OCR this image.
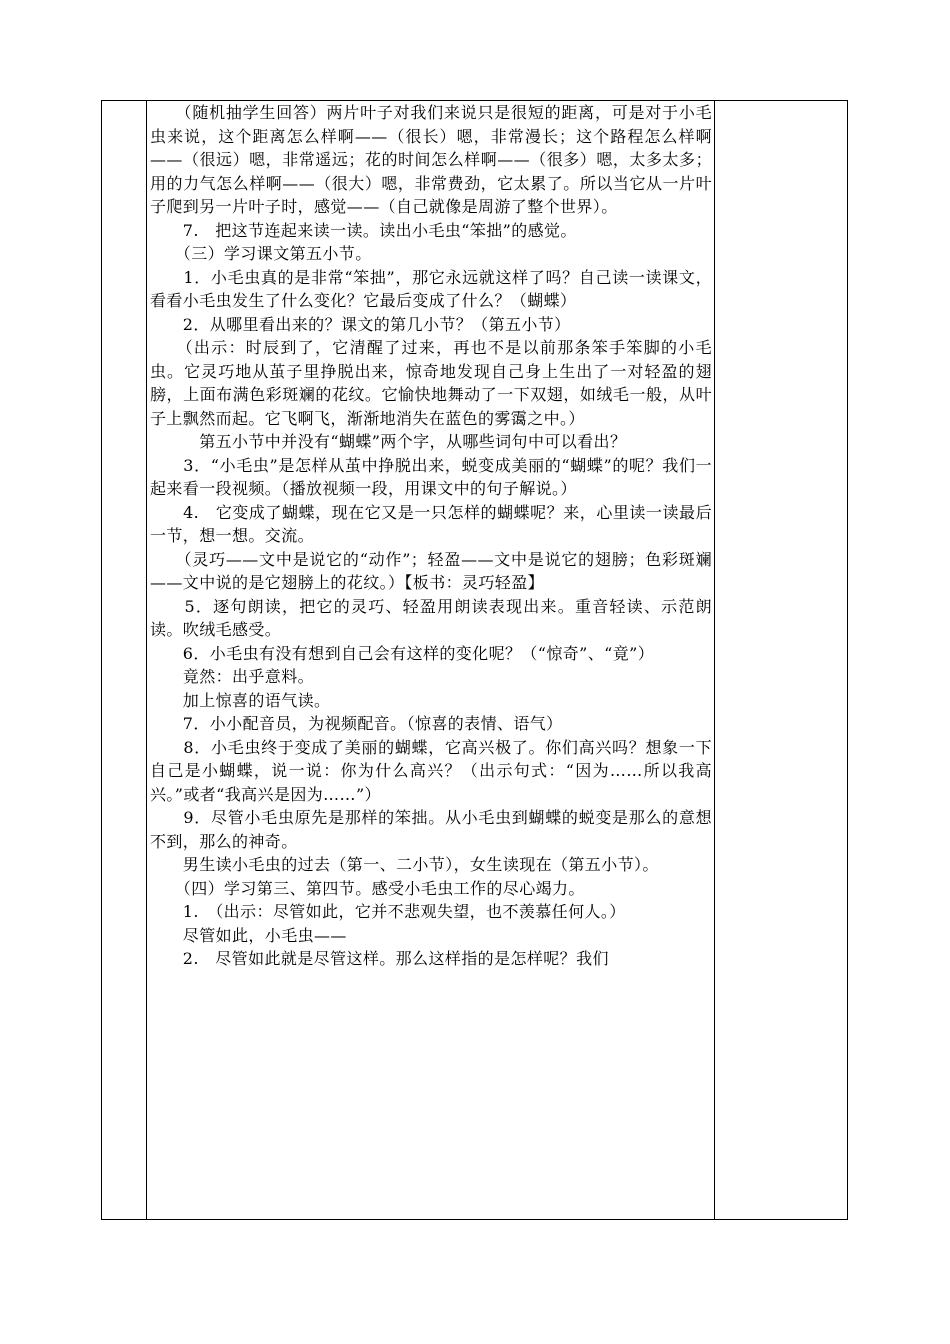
　　（随机抽学生回答）两片叶子对我们来说只是很短的距离，可是对于小毛虫来说，这个距离怎么样啊——（很长）嗯，非常漫长；这个路程怎么样啊——（很远）嗯，非常遥远；花的时间怎么样啊——（很多）嗯，太多太多；用的力气怎么样啊——（很大）嗯，非常费劲，它太累了。所以当它从一片叶子爬到另一片叶子时，感觉——（自己就像是周游了整个世界）。

　　7.　把这节连起来读一读。读出小毛虫“笨拙”的感觉。

　　（三）学习课文第五小节。

　　1．小毛虫真的是非常“笨拙”，那它永远就这样了吗？自己读一读课文，看看小毛虫发生了什么变化？它最后变成了什么？（蝴蝶）

　　2．从哪里看出来的？课文的第几小节？（第五小节）

　　（出示：时辰到了，它清醒了过来，再也不是以前那条笨手笨脚的小毛虫。它灵巧地从茧子里挣脱出来，惊奇地发现自己身上生出了一对轻盈的翅膀，上面布满色彩斑斓的花纹。它愉快地舞动了一下双翅，如绒毛一般，从叶子上飘然而起。它飞啊飞，渐渐地消失在蓝色的雾霭之中。）

　　　第五小节中并没有“蝴蝶”两个字，从哪些词句中可以看出？

　　3．“小毛虫”是怎样从茧中挣脱出来，蜕变成美丽的“蝴蝶”的呢？我们一起来看一段视频。（播放视频一段，用课文中的句子解说。）

　　4.　它变成了蝴蝶，现在它又是一只怎样的蝴蝶呢？来，心里读一读最后一节，想一想。交流。

　　（灵巧——文中是说它的“动作”；轻盈——文中是说它的翅膀；色彩斑斓——文中说的是它翅膀上的花纹。）【板书：灵巧轻盈】

　　5．逐句朗读，把它的灵巧、轻盈用朗读表现出来。重音轻读、示范朗读。吹绒毛感受。

　　6．小毛虫有没有想到自己会有这样的变化呢？（“惊奇”、“竟”）

　　竟然：出乎意料。

　　加上惊喜的语气读。

　　7．小小配音员，为视频配音。（惊喜的表情、语气）

　　8．小毛虫终于变成了美丽的蝴蝶，它高兴极了。你们高兴吗？想象一下自己是小蝴蝶，说一说：你为什么高兴？（出示句式：“因为……所以我高兴。”或者“我高兴是因为……”）

　　9．尽管小毛虫原先是那样的笨拙。从小毛虫到蝴蝶的蜕变是那么的意想不到，那么的神奇。

　　男生读小毛虫的过去（第一、二小节），女生读现在（第五小节）。

　　（四）学习第三、第四节。感受小毛虫工作的尽心竭力。

　　1.　（出示：尽管如此，它并不悲观失望，也不羡慕任何人。）

　　尽管如此，小毛虫——

　　2.　尽管如此就是尽管这样。那么这样指的是怎样呢？我们
